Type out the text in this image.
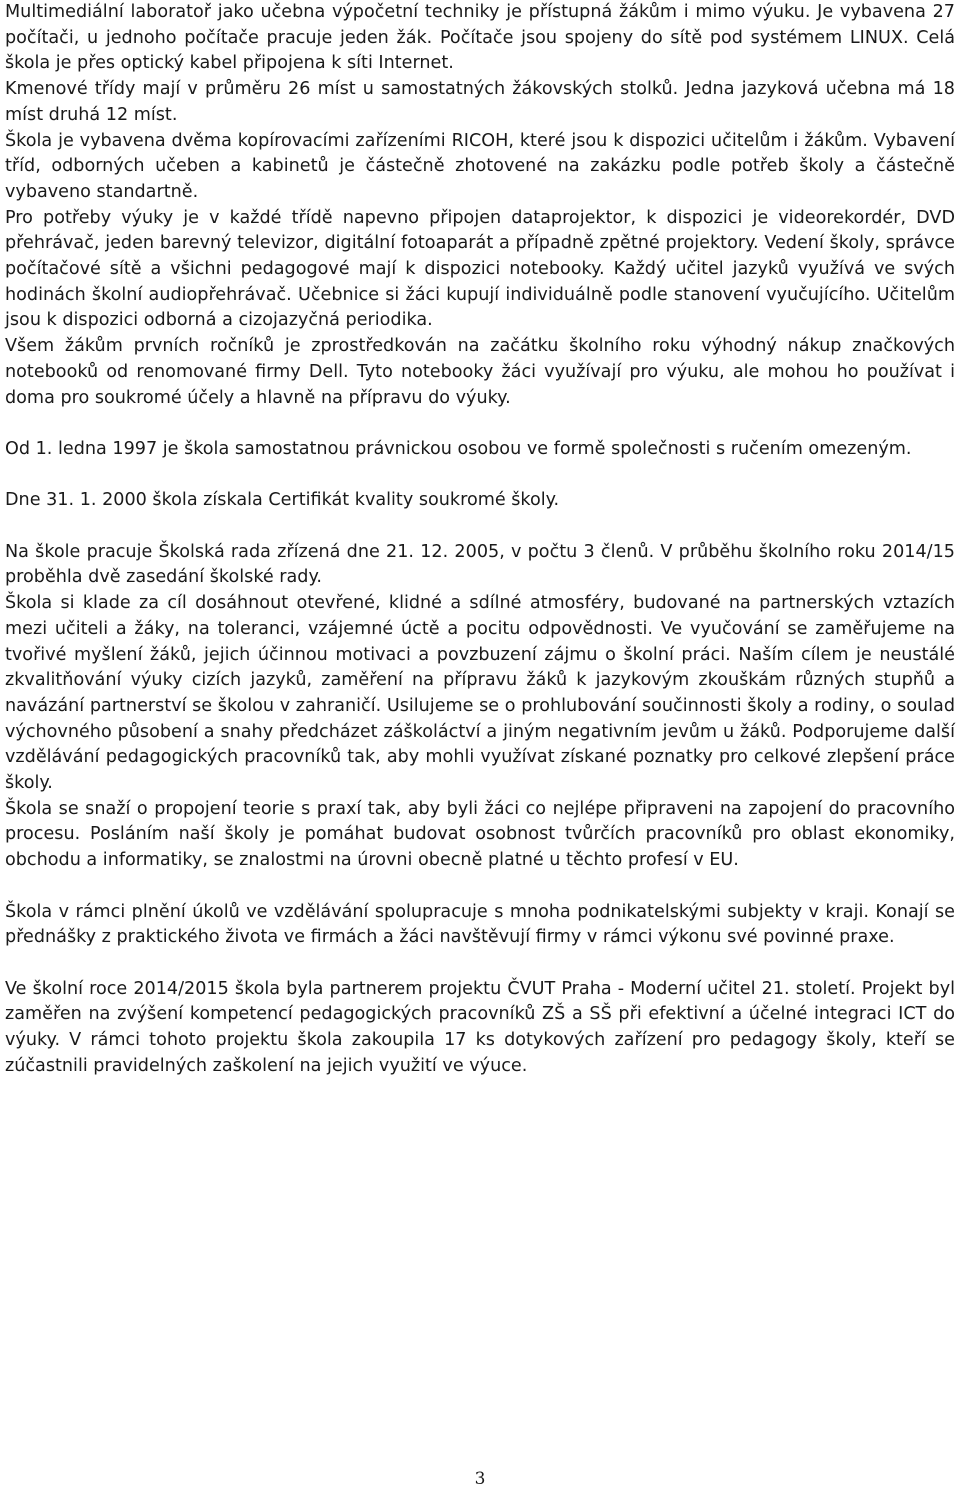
Multimediální laboratoř jako učebna výpočetní techniky je přístupná žákům i mimo výuku. Je vybavena 27 počítači, u jednoho počítače pracuje jeden žák. Počítače jsou spojeny do sítě pod systémem LINUX. Celá škola je přes optický kabel připojena k síti Internet.

Kmenové třídy mají v průměru 26 míst u samostatných žákovských stolků. Jedna jazyková učebna má 18 míst druhá 12 míst.

Škola je vybavena dvěma kopírovacími zařízeními RICOH, které jsou k dispozici učitelům i žákům. Vybavení tříd, odborných učeben a kabinetů je částečně zhotovené na zakázku podle potřeb školy a částečně vybaveno standartně.

Pro potřeby výuky je v každé třídě napevno připojen dataprojektor, k dispozici je videorekordér, DVD přehrávač, jeden barevný televizor, digitální fotoaparát a případně zpětné projektory. Vedení školy, správce počítačové sítě a všichni pedagogové mají k dispozici notebooky. Každý učitel jazyků využívá ve svých hodinách školní audiopřehrávač. Učebnice si žáci kupují individuálně podle stanovení vyučujícího. Učitelům jsou k dispozici odborná a cizojazyčná periodika.

Všem žákům prvních ročníků je zprostředkován na začátku školního roku výhodný nákup značkových notebooků od renomované firmy Dell. Tyto notebooky žáci využívají pro výuku, ale mohou ho používat i doma pro soukromé účely a hlavně na přípravu do výuky.

Od 1. ledna 1997 je škola samostatnou právnickou osobou ve formě společnosti s ručením omezeným.

Dne 31. 1. 2000 škola získala Certifikát kvality soukromé školy.

Na škole pracuje Školská rada zřízená dne 21. 12. 2005, v počtu 3 členů. V průběhu školního roku 2014/15 proběhla dvě zasedání školské rady.

Škola si klade za cíl dosáhnout otevřené, klidné a sdílné atmosféry, budované na partnerských vztazích mezi učiteli a žáky, na toleranci, vzájemné úctě a pocitu odpovědnosti. Ve vyučování se zaměřujeme na tvořivé myšlení žáků, jejich účinnou motivaci a povzbuzení zájmu o školní práci. Naším cílem je neustálé zkvalitňování výuky cizích jazyků, zaměření na přípravu žáků k jazykovým zkouškám různých stupňů a navázání partnerství se školou v zahraničí. Usilujeme se o prohlubování součinnosti školy a rodiny, o soulad výchovného působení a snahy předcházet záškoláctví a jiným negativním jevům u žáků. Podporujeme další vzdělávání pedagogických pracovníků tak, aby mohli využívat získané poznatky pro celkové zlepšení práce školy.

Škola se snaží o propojení teorie s praxí tak, aby byli žáci co nejlépe připraveni na zapojení do pracovního procesu. Posláním naší školy je pomáhat budovat osobnost tvůrčích pracovníků pro oblast ekonomiky, obchodu a informatiky, se znalostmi na úrovni obecně platné u těchto profesí v EU.

Škola v rámci plnění úkolů ve vzdělávání spolupracuje s mnoha podnikatelskými subjekty v kraji. Konají se přednášky z praktického života ve firmách a žáci navštěvují firmy v rámci výkonu své povinné praxe.

Ve školní roce 2014/2015 škola byla partnerem projektu ČVUT Praha - Moderní učitel 21. století. Projekt byl zaměřen na zvýšení kompetencí pedagogických pracovníků ZŠ a SŠ při efektivní a účelné integraci ICT do výuky. V rámci tohoto projektu škola zakoupila 17 ks dotykových zařízení pro pedagogy školy, kteří se zúčastnili pravidelných zaškolení na jejich využití ve výuce.

3
